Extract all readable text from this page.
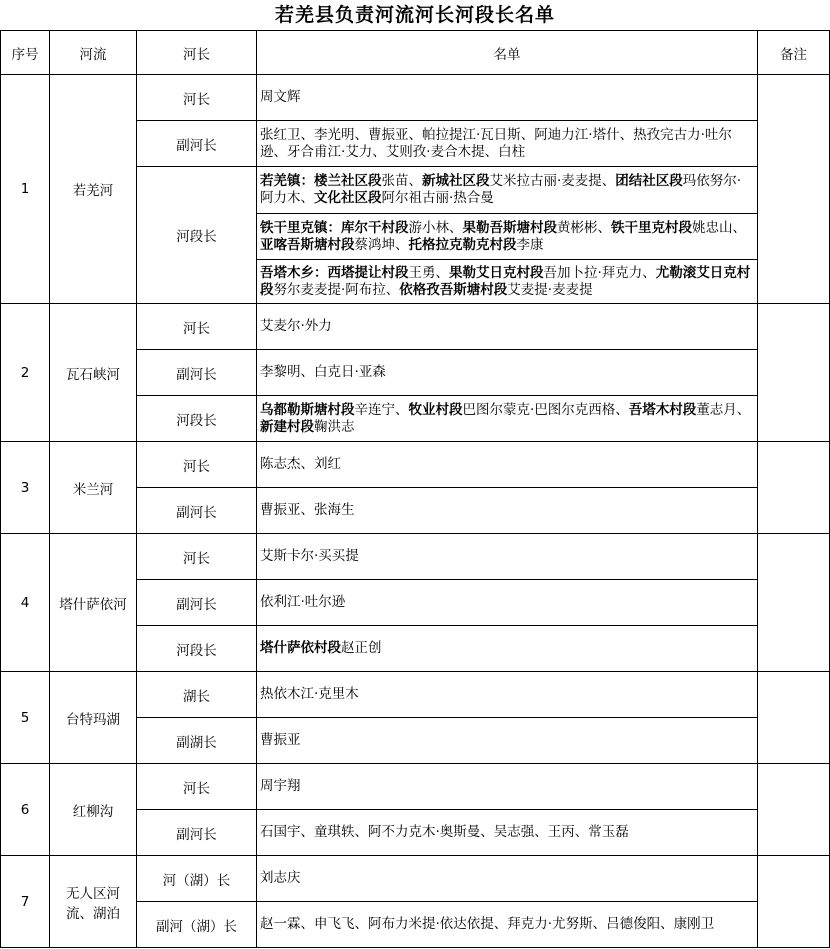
若羌县负责河流河长河段长名单
序号	河流	河长	名单	备注
1	若羌河	河长	周文辉	
		副河长	张红卫、李光明、曹振亚、帕拉提江·瓦日斯、阿迪力江·塔什、热孜完古力·吐尔逊、牙合甫江·艾力、艾则孜·麦合木提、白柱	
		河段长	若羌镇：楼兰社区段张苗、新城社区段艾米拉古丽·麦麦提、团结社区段玛依努尔·阿力木、文化社区段阿尔祖古丽·热合曼	
			铁干里克镇：库尔干村段游小林、果勒吾斯塘村段黄彬彬、铁干里克村段姚忠山、亚喀吾斯塘村段蔡鸿坤、托格拉克勒克村段李康	
			吾塔木乡：西塔提让村段王勇、果勒艾日克村段吾加卜拉·拜克力、尤勒滚艾日克村段努尔麦麦提·阿布拉、依格孜吾斯塘村段艾麦提·麦麦提	
2	瓦石峡河	河长	艾麦尔·外力	
		副河长	李黎明、白克日·亚森	
		河段长	乌都勒斯塘村段辛连宁、牧业村段巴图尔蒙克·巴图尔克西格、吾塔木村段董志月、新建村段鞠洪志	
3	米兰河	河长	陈志杰、刘红	
		副河长	曹振亚、张海生	
4	塔什萨依河	河长	艾斯卡尔·买买提	
		副河长	依利江·吐尔逊	
		河段长	塔什萨依村段赵正创	
5	台特玛湖	湖长	热依木江·克里木	
		副湖长	曹振亚	
6	红柳沟	河长	周宇翔	
		副河长	石国宇、童琪轶、阿不力克木·奥斯曼、吴志强、王丙、常玉磊	
7	无人区河流、湖泊	河（湖）长	刘志庆	
		副河（湖）长	赵一霖、申飞飞、阿布力米提·依达依提、拜克力·尤努斯、吕德俊阳、康刚卫	
